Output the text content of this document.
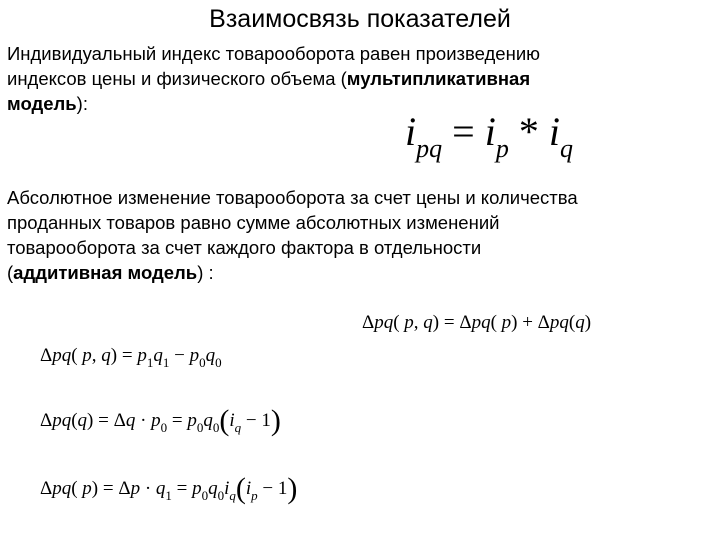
Взаимосвязь показателей
Индивидуальный индекс товарооборота равен произведению
индексов цены и физического объема (мультипликативная
модель):
$i_{pq} = i_p * i_q$
Абсолютное изменение товарооборота за счет цены и количества
проданных товаров равно сумме абсолютных изменений
товарооборота за счет каждого фактора в отдельности
(аддитивная модель) :
Δpq( p, q) = Δpq( p) + Δpq(q)
Δpq( p, $q) = p_1q_1 - p_0q_0$
$\Delta pq(q) = \Delta q \cdot p_0 = p_0q_0(i_q - 1)$
Δpq( $p) = \Delta p \cdot q_1 = p_0q_0i_q(i_p - 1)$
